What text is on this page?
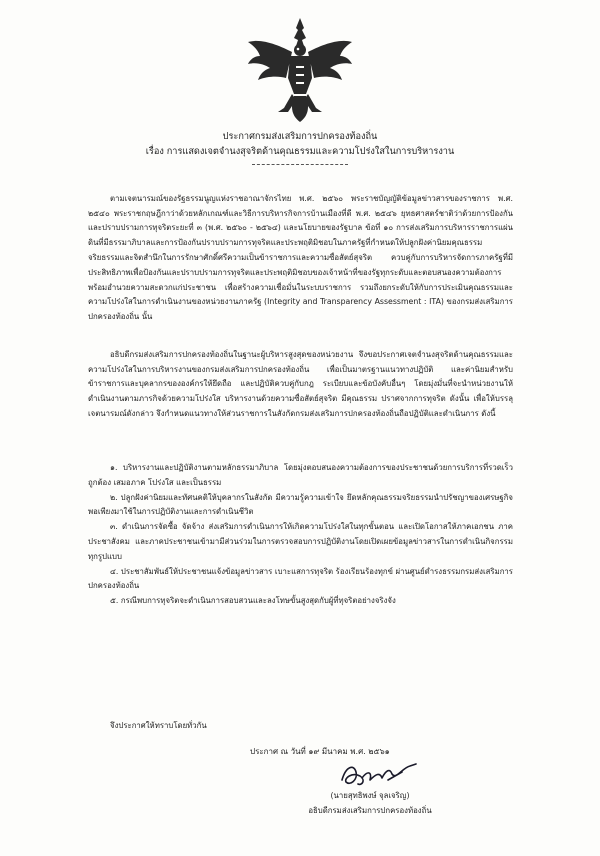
ประกาศกรมส่งเสริมการปกครองท้องถิ่น
เรื่อง การแสดงเจตจำนงสุจริตด้านคุณธรรมและความโปร่งใสในการบริหารงาน

ตามเจตนารมณ์ของรัฐธรรมนูญแห่งราชอาณาจักรไทย พ.ศ. ๒๕๖๐ พระราชบัญญัติข้อมูลข่าวสารของราชการ พ.ศ. ๒๕๔๐ พระราชกฤษฎีกาว่าด้วยหลักเกณฑ์และวิธีการบริหารกิจการบ้านเมืองที่ดี พ.ศ. ๒๕๔๖ ยุทธศาสตร์ชาติว่าด้วยการป้องกันและปราบปรามการทุจริตระยะที่ ๓ (พ.ศ. ๒๕๖๐ - ๒๕๖๔) และนโยบายของรัฐบาล ข้อที่ ๑๐ การส่งเสริมการบริหารราชการแผ่นดินที่มีธรรมาภิบาลและการป้องกันปราบปรามการทุจริตและประพฤติมิชอบในภาครัฐที่กำหนดให้ปลูกฝังค่านิยมคุณธรรม จริยธรรมและจิตสำนึกในการรักษาศักดิ์ศรีความเป็นข้าราชการและความซื่อสัตย์สุจริต ควบคู่กับการบริหารจัดการภาครัฐที่มีประสิทธิภาพเพื่อป้องกันและปราบปรามการทุจริตและประพฤติมิชอบของเจ้าหน้าที่ของรัฐทุกระดับและตอบสนองความต้องการ พร้อมอำนวยความสะดวกแก่ประชาชน เพื่อสร้างความเชื่อมั่นในระบบราชการ รวมถึงยกระดับให้กับการประเมินคุณธรรมและความโปร่งใสในการดำเนินงานของหน่วยงานภาครัฐ (Integrity and Transparency Assessment : ITA) ของกรมส่งเสริมการปกครองท้องถิ่น นั้น

อธิบดีกรมส่งเสริมการปกครองท้องถิ่นในฐานะผู้บริหารสูงสุดของหน่วยงาน จึงขอประกาศเจตจำนงสุจริตด้านคุณธรรมและความโปร่งใสในการบริหารงานของกรมส่งเสริมการปกครองท้องถิ่น เพื่อเป็นมาตรฐานแนวทางปฏิบัติ และค่านิยมสำหรับข้าราชการและบุคลากรขององค์กรให้ยึดถือ และปฏิบัติควบคู่กับกฎ ระเบียบและข้อบังคับอื่นๆ โดยมุ่งมั่นที่จะนำหน่วยงานให้ดำเนินงานตามภารกิจด้วยความโปร่งใส บริหารงานด้วยความซื่อสัตย์สุจริต มีคุณธรรม ปราศจากการทุจริต ดังนั้น เพื่อให้บรรลุเจตนารมณ์ดังกล่าว จึงกำหนดแนวทางให้ส่วนราชการในสังกัดกรมส่งเสริมการปกครองท้องถิ่นถือปฏิบัติและดำเนินการ ดังนี้

๑. บริหารงานและปฏิบัติงานตามหลักธรรมาภิบาล โดยมุ่งตอบสนองความต้องการของประชาชนด้วยการบริการที่รวดเร็ว ถูกต้อง เสมอภาค โปร่งใส และเป็นธรรม

๒. ปลูกฝังค่านิยมและทัศนคติให้บุคลากรในสังกัด มีความรู้ความเข้าใจ ยึดหลักคุณธรรมจริยธรรมนำปรัชญาของเศรษฐกิจพอเพียงมาใช้ในการปฏิบัติงานและการดำเนินชีวิต

๓. ดำเนินการจัดซื้อ จัดจ้าง ส่งเสริมการดำเนินการให้เกิดความโปร่งใสในทุกขั้นตอน และเปิดโอกาสให้ภาคเอกชน ภาคประชาสังคม และภาคประชาชนเข้ามามีส่วนร่วมในการตรวจสอบการปฏิบัติงานโดยเปิดเผยข้อมูลข่าวสารในการดำเนินกิจกรรมทุกรูปแบบ

๔. ประชาสัมพันธ์ให้ประชาชนแจ้งข้อมูลข่าวสาร เบาะแสการทุจริต ร้องเรียนร้องทุกข์ ผ่านศูนย์ดำรงธรรมกรมส่งเสริมการปกครองท้องถิ่น

๕. กรณีพบการทุจริตจะดำเนินการสอบสวนและลงโทษขั้นสูงสุดกับผู้ที่ทุจริตอย่างจริงจัง

จึงประกาศให้ทราบโดยทั่วกัน
ประกาศ ณ วันที่ ๑๙ มีนาคม พ.ศ. ๒๕๖๑
(นายสุทธิพงษ์ จุลเจริญ)
อธิบดีกรมส่งเสริมการปกครองท้องถิ่น
